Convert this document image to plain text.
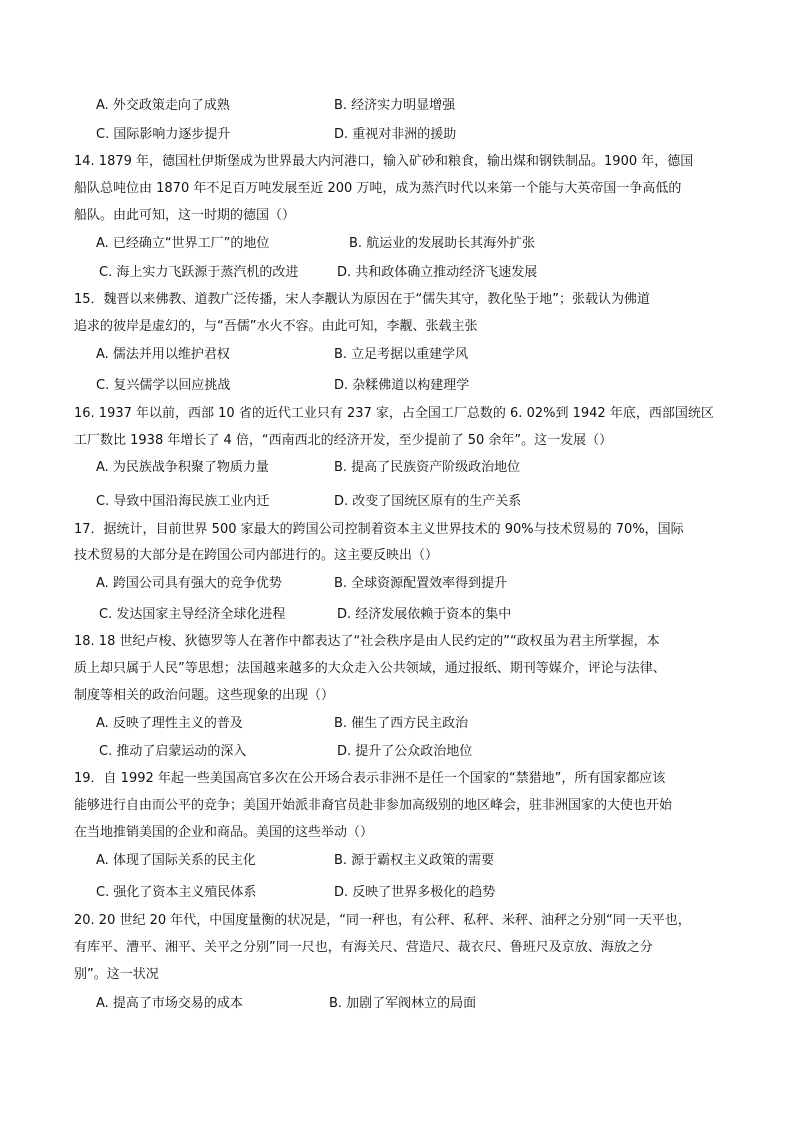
A. 外交政策走向了成熟	B. 经济实力明显增强
C. 国际影响力逐步提升	D. 重视对非洲的援助
14. 1879 年，德国杜伊斯堡成为世界最大内河港口，输入矿砂和粮食，输出煤和钢铁制品。1900 年，德国
船队总吨位由 1870 年不足百万吨发展至近 200 万吨，成为蒸汽时代以来第一个能与大英帝国一争高低的
船队。由此可知，这一时期的德国（）
A. 已经确立“世界工厂”的地位	B. 航运业的发展助长其海外扩张
C. 海上实力飞跃源于蒸汽机的改进	D. 共和政体确立推动经济飞速发展
15．魏晋以来佛教、道教广泛传播，宋人李觏认为原因在于“儒失其守，教化坠于地”；张载认为佛道
追求的彼岸是虚幻的，与“吾儒”水火不容。由此可知，李觏、张载主张
A. 儒法并用以维护君权	B. 立足考据以重建学风
C. 复兴儒学以回应挑战	D. 杂糅佛道以构建理学
16. 1937 年以前，西部 10 省的近代工业只有 237 家，占全国工厂总数的 6. 02%到 1942 年底，西部国统区
工厂数比 1938 年增长了 4 倍，“西南西北的经济开发，至少提前了 50 余年”。这一发展（）
A. 为民族战争积聚了物质力量	B. 提高了民族资产阶级政治地位
C. 导致中国沿海民族工业内迁	D. 改变了国统区原有的生产关系
17．据统计，目前世界 500 家最大的跨国公司控制着资本主义世界技术的 90%与技术贸易的 70%，国际
技术贸易的大部分是在跨国公司内部进行的。这主要反映出（）
A. 跨国公司具有强大的竞争优势	B. 全球资源配置效率得到提升
C. 发达国家主导经济全球化进程	D. 经济发展依赖于资本的集中
18. 18 世纪卢梭、狄德罗等人在著作中都表达了“社会秩序是由人民约定的”“政权虽为君主所掌握，本
质上却只属于人民”等思想；法国越来越多的大众走入公共领域，通过报纸、期刊等媒介，评论与法律、
制度等相关的政治问题。这些现象的出现（）
A. 反映了理性主义的普及	B. 催生了西方民主政治
C. 推动了启蒙运动的深入	D. 提升了公众政治地位
19．自 1992 年起一些美国高官多次在公开场合表示非洲不是任一个国家的“禁猎地”，所有国家都应该
能够进行自由而公平的竞争；美国开始派非裔官员赴非参加高级别的地区峰会，驻非洲国家的大使也开始
在当地推销美国的企业和商品。美国的这些举动（）
A. 体现了国际关系的民主化	B. 源于霸权主义政策的需要
C. 强化了资本主义殖民体系	D. 反映了世界多极化的趋势
20. 20 世纪 20 年代，中国度量衡的状况是，“同一秤也，有公秤、私秤、米秤、油秤之分别“同一天平也，
有库平、漕平、湘平、关平之分别”同一尺也，有海关尺、营造尺、裁衣尺、鲁班尺及京放、海放之分
别”。这一状况
A. 提高了市场交易的成本	B. 加剧了军阀林立的局面
